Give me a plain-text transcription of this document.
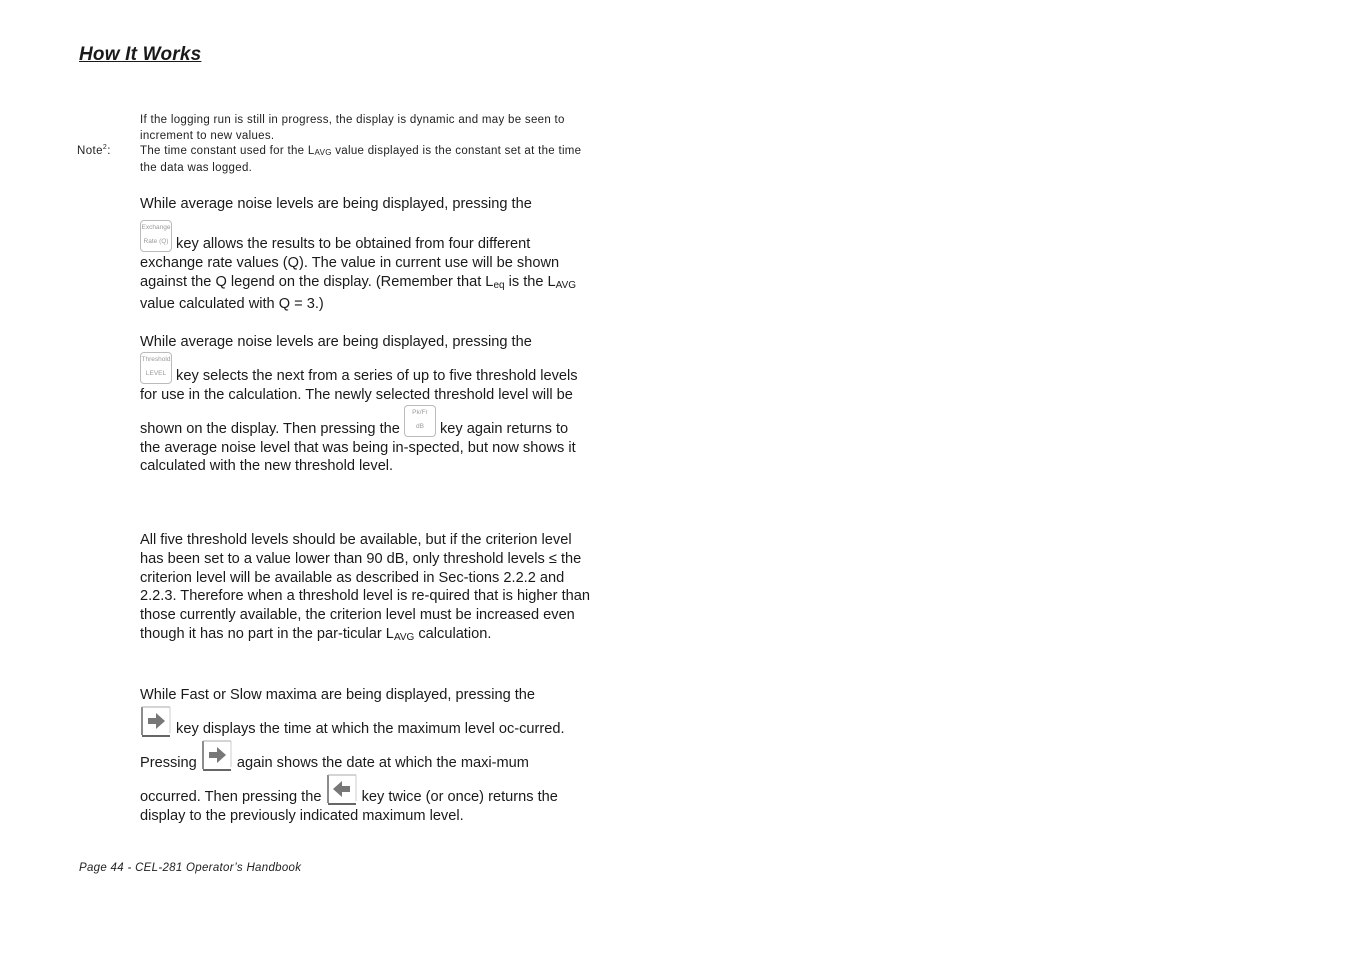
How It Works
If the logging run is still in progress, the display is dynamic and may be seen to increment to new values.
Note$^2$:	The time constant used for the $L_{AVG}$ value displayed is the constant set at the time the data was logged.
While average noise levels are being displayed, pressing the

Exchange
Rate (Q) key allows the results to be obtained from four different exchange rate values (Q). The value in current use will be shown against the Q legend on the display. (Remember that $L_{eq}$ is the $L_{AVG}$ value calculated with Q = 3.)
While average noise levels are being displayed, pressing the

Threshold
LEVEL key selects the next from a series of up to five threshold levels for use in the calculation. The newly selected threshold level will be shown on the display. Then pressing the
Pk/Fr
dB key again returns to the average noise level that was being in-spected, but now shows it calculated with the new threshold level.
All five threshold levels should be available, but if the criterion level has been set to a value lower than 90 dB, only threshold levels ≤ the criterion level will be available as described in Sec-tions 2.2.2 and 2.2.3. Therefore when a threshold level is re-quired that is higher than those currently available, the criterion level must be increased even though it has no part in the par-ticular $L_{AVG}$ calculation.
While Fast or Slow maxima are being displayed, pressing the
key displays the time at which the maximum level oc-curred. Pressing  again shows the date at which the maxi-mum occurred. Then pressing the  key twice (or once) returns the display to the previously indicated maximum level.
Page 44 - CEL-281 Operator’s Handbook
